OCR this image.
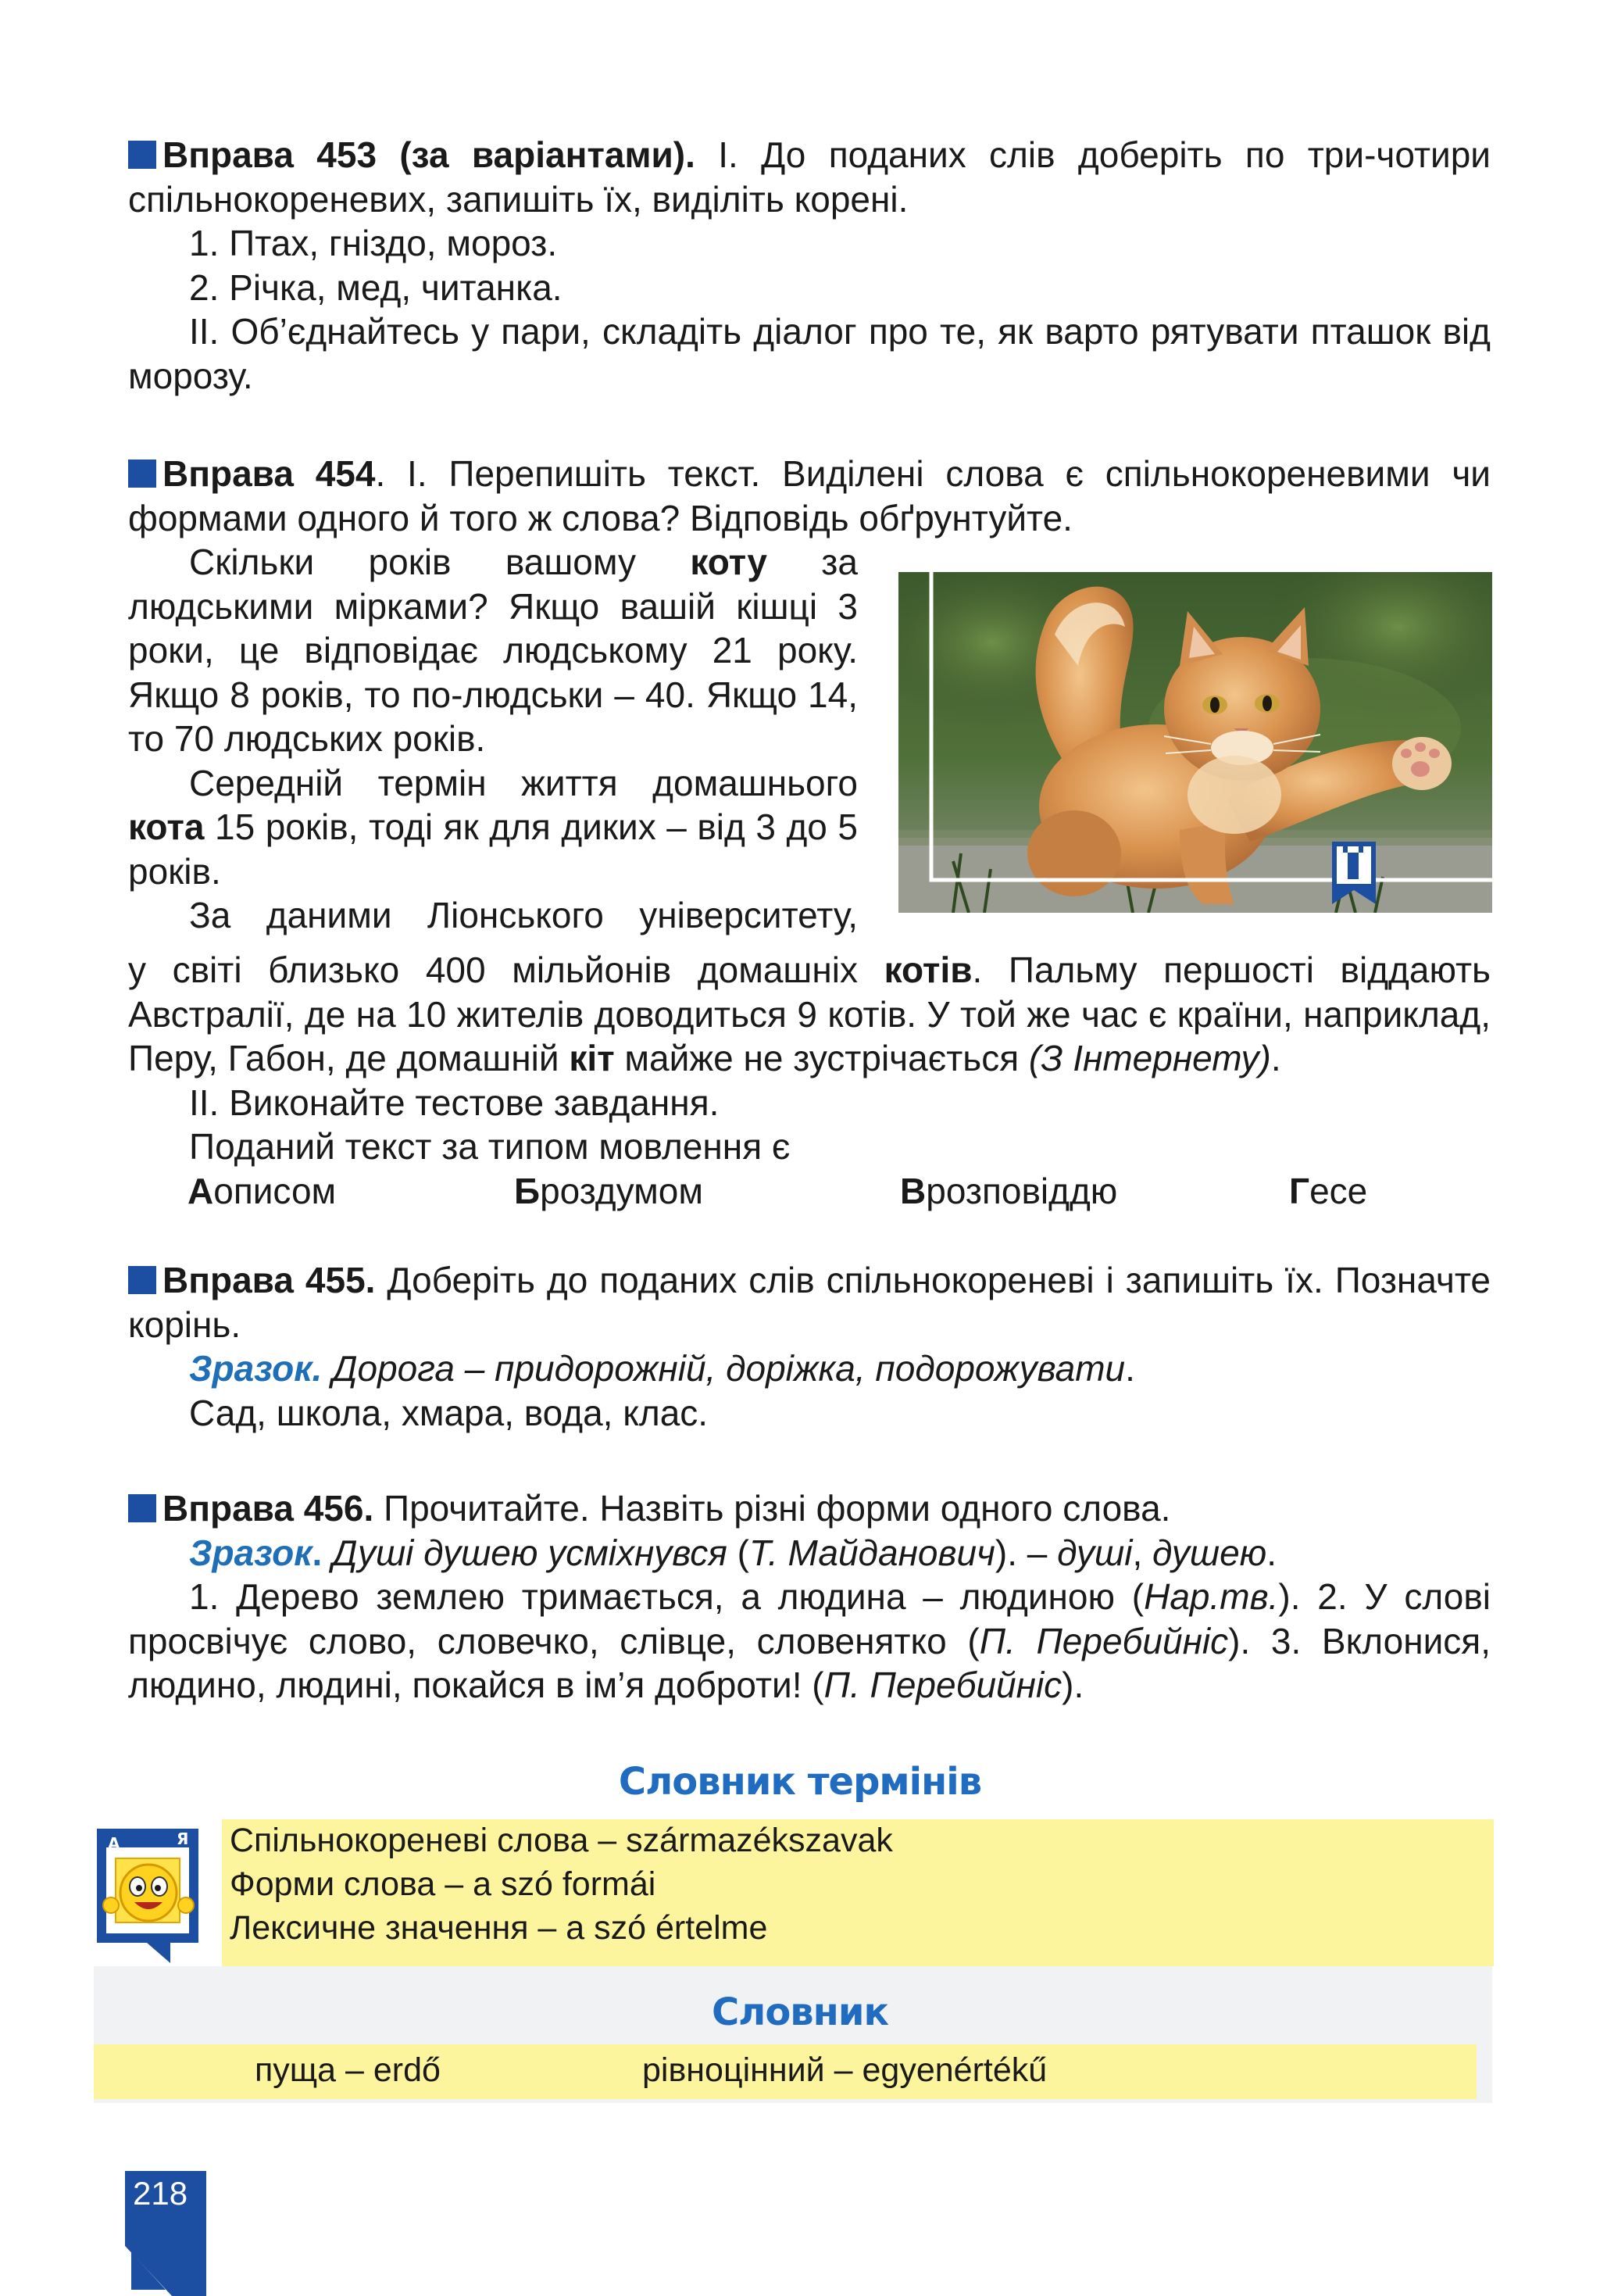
Вправа 453 (за варіантами). І. До поданих слів доберіть по три-чотири спільнокореневих, запишіть їх, виділіть корені.
1. Птах, гніздо, мороз.
2. Річка, мед, читанка.
ІІ. Об’єднайтесь у пари, складіть діалог про те, як варто рятувати пташок від морозу.
Вправа 454. І. Перепишіть текст. Виділені слова є спільнокореневими чи формами одного й того ж слова? Відповідь обґрунтуйте.
Скільки років вашому коту за людськими мірками? Якщо вашій кішці 3 роки, це відповідає людському 21 року. Якщо 8 років, то по-людськи – 40. Якщо 14, то 70 людських років.
Середній термін життя домашнього кота 15 років, тоді як для диких – від 3 до 5 років.
За даними Ліонського університету,
у світі близько 400 мільйонів домашніх котів. Пальму першості віддають Австралії, де на 10 жителів доводиться 9 котів. У той же час є країни, наприклад, Перу, Габон, де домашній кіт майже не зустрічається (З Інтернету).
ІІ. Виконайте тестове завдання.
Подaний текст за типом мовлення є
А описом	Б роздумом	В розповіддю	Г есе
Вправа 455. Доберіть до поданих слів спільнокореневі і запишіть їх. Позначте корінь.
Зразок. Дорога – придорожній, доріжка, подорожувати.
Сад, школа, хмара, вода, клас.
Вправа 456. Прочитайте. Назвіть різні форми одного слова.
Зразок. Душі душею усміхнувся (Т. Майданович). – душі, душею.
1. Дерево землею тримається, а людина – людиною (Нар.тв.). 2. У слові просвічує слово, словечко, слівце, словенятко (П. Перебийніс). 3. Вклонися, людино, людині, покайся в ім’я доброти! (П. Перебийніс).
Словник термінів
Спільнокореневі слова – származékszavak
Форми слова – a szó formái
Лексичне значення – a szó értelme
А	Я
Словник
пуща – erdő	рівноцінний – egyenértékű
218
